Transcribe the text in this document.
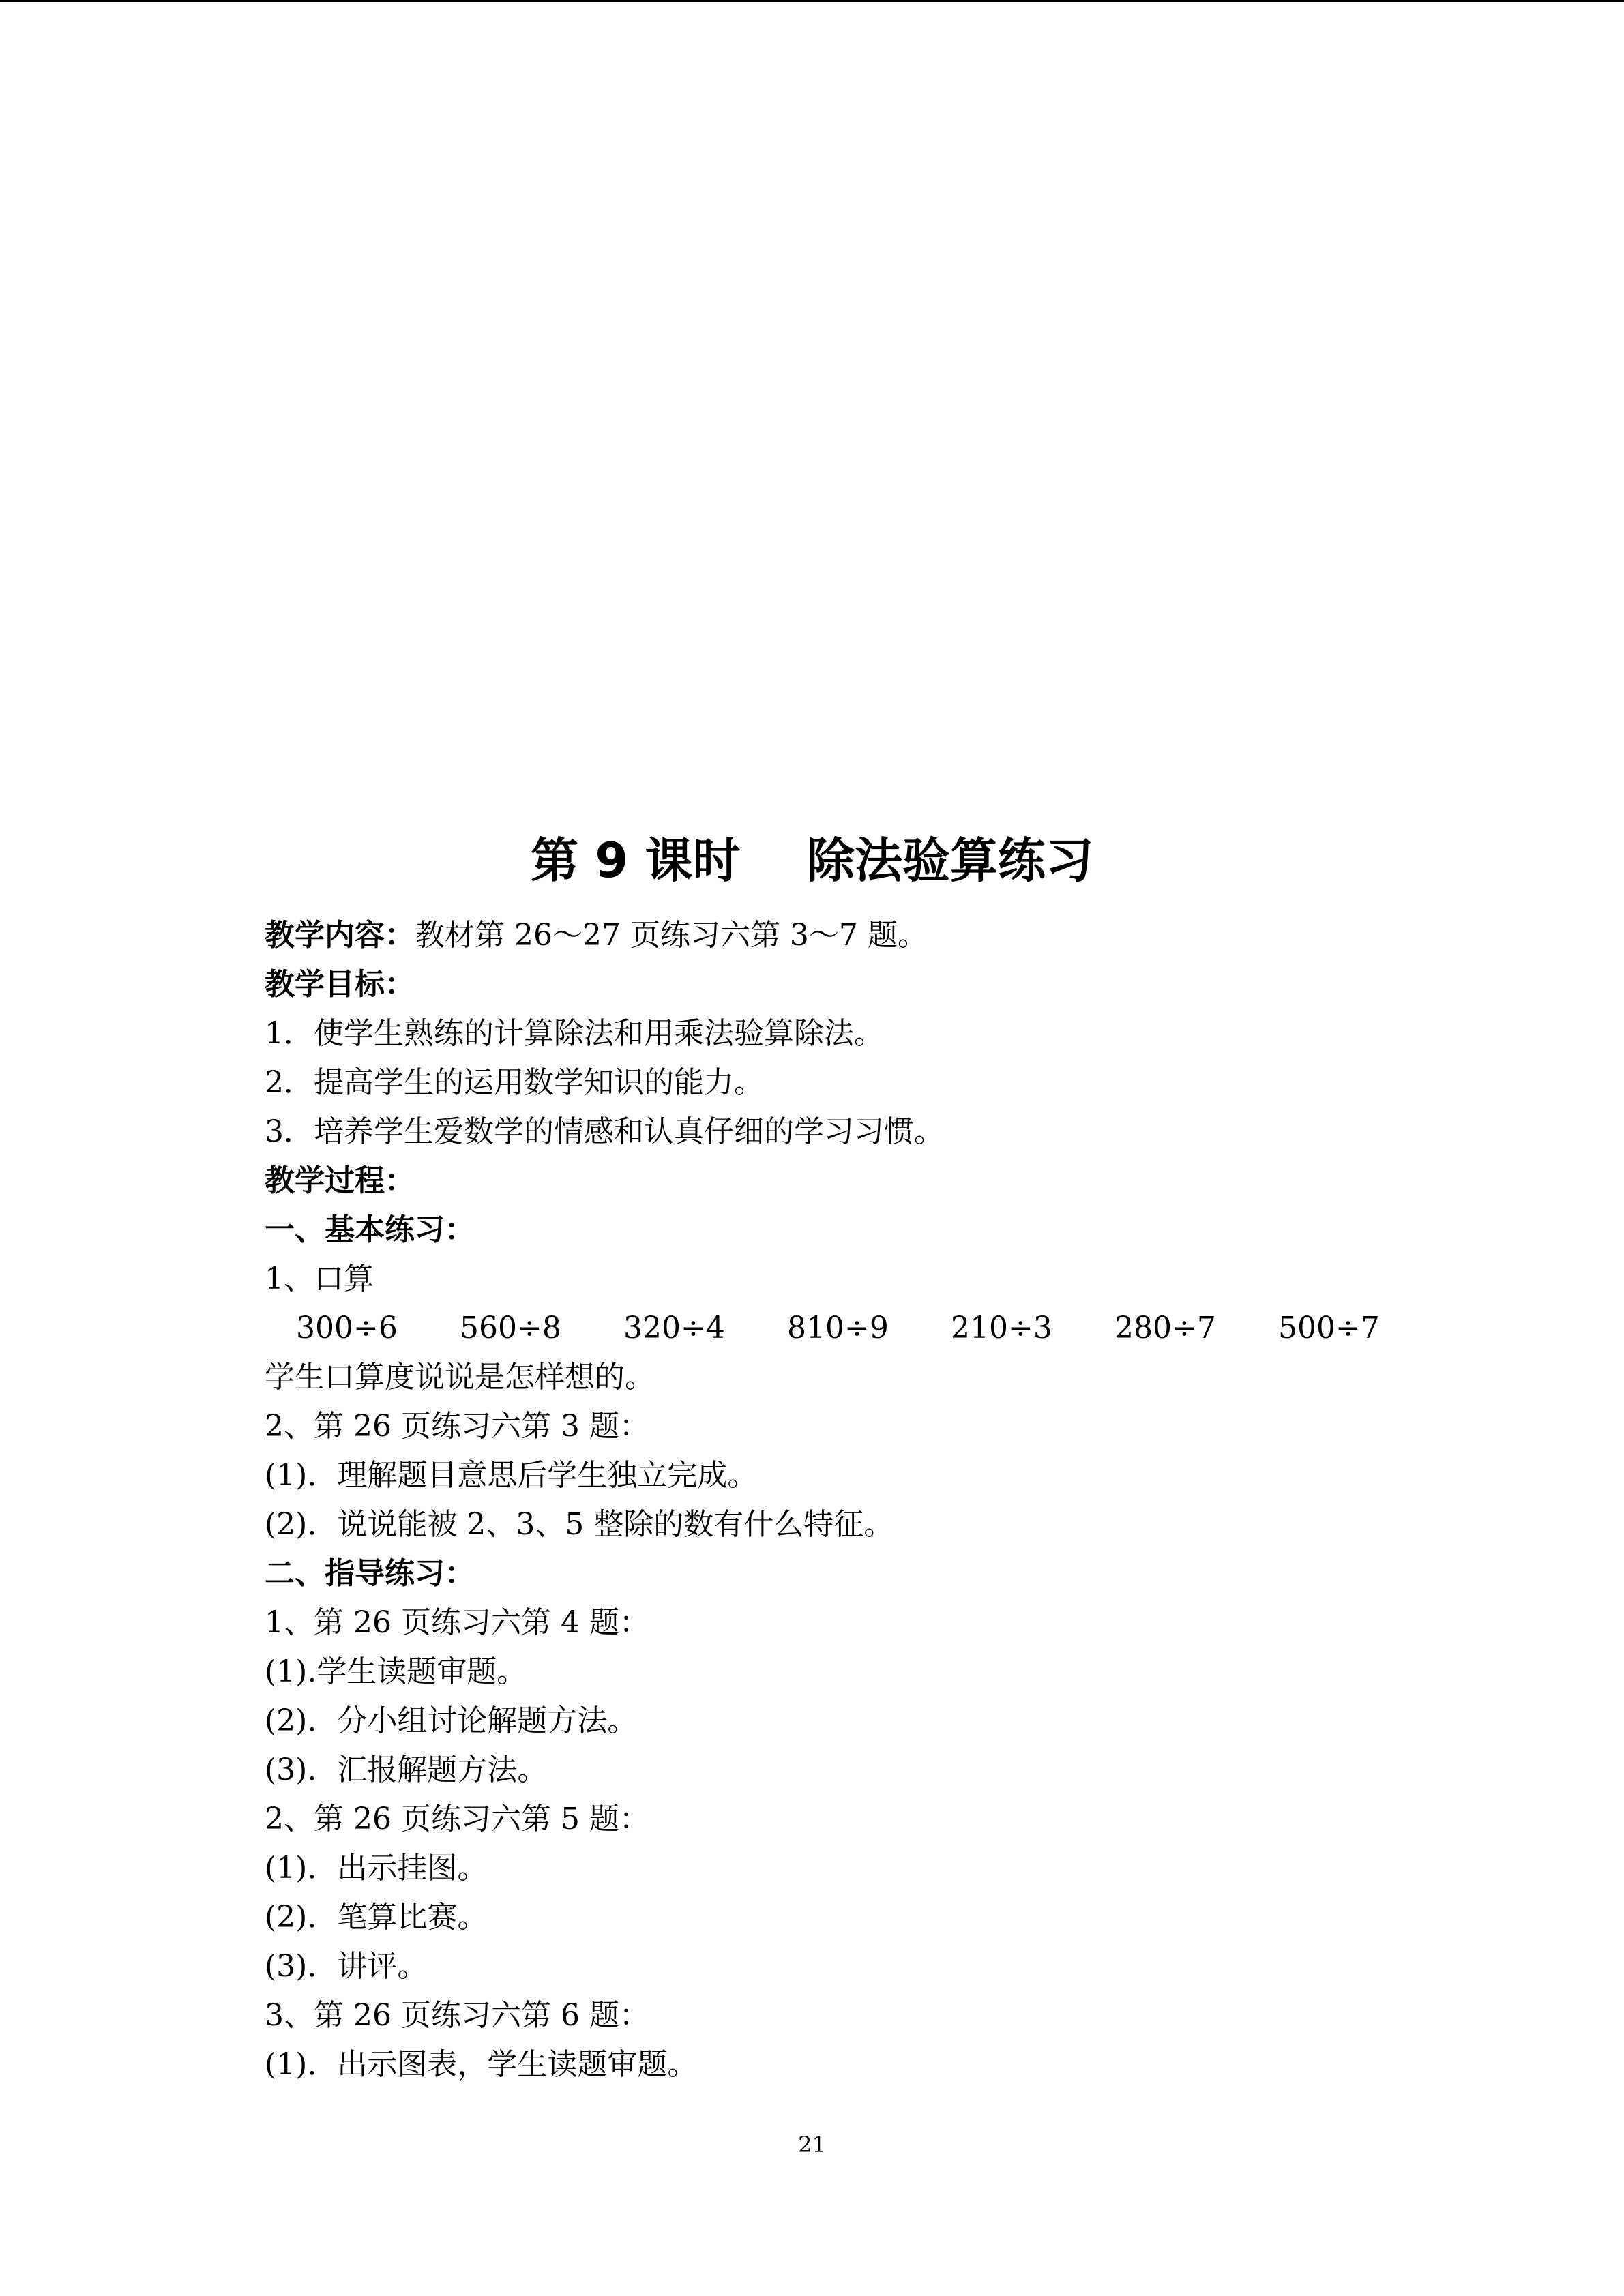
第 9 课时    除法验算练习
教学内容：教材第 26～27 页练习六第 3～7 题。
教学目标：
1．使学生熟练的计算除法和用乘法验算除法。
2．提高学生的运用数学知识的能力。
3．培养学生爱数学的情感和认真仔细的学习习惯。
教学过程：
一、基本练习：
1、口算
300÷6	560÷8	320÷4	810÷9	210÷3	280÷7	500÷7
学生口算度说说是怎样想的。
2、第 26 页练习六第 3 题：
(1)．理解题目意思后学生独立完成。
(2)．说说能被 2、3、5 整除的数有什么特征。
二、指导练习：
1、第 26 页练习六第 4 题：
(1).学生读题审题。
(2)．分小组讨论解题方法。
(3)．汇报解题方法。
2、第 26 页练习六第 5 题：
(1)．出示挂图。
(2)．笔算比赛。
(3)．讲评。
3、第 26 页练习六第 6 题：
(1)．出示图表，学生读题审题。
21
